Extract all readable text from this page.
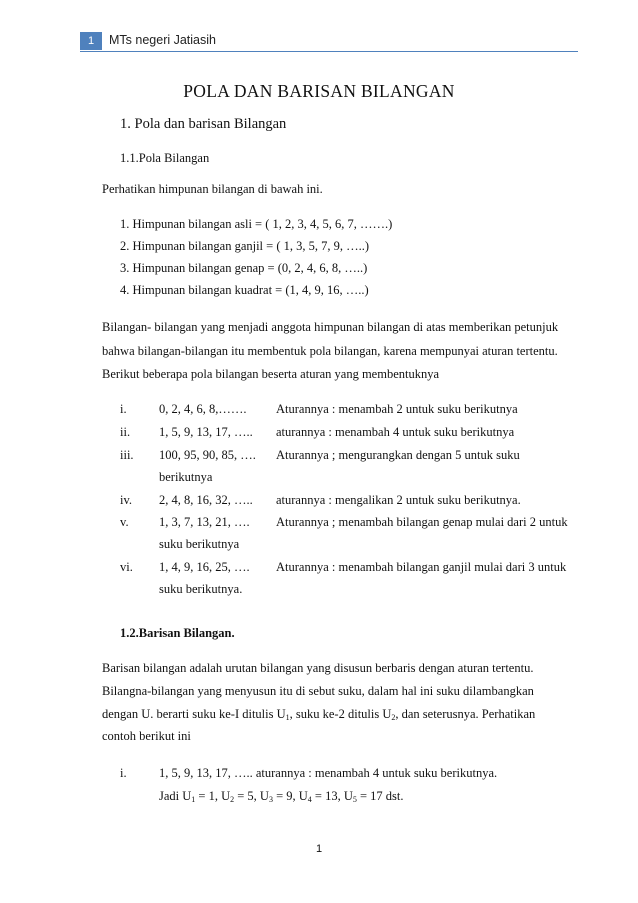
1	MTs negeri Jatiasih
POLA DAN BARISAN BILANGAN
1. Pola dan barisan Bilangan
1.1.Pola Bilangan
Perhatikan himpunan bilangan di bawah ini.
1. Himpunan bilangan asli = ( 1, 2, 3, 4, 5, 6, 7, …….)
2. Himpunan bilangan ganjil = ( 1, 3, 5, 7, 9, …..)
3. Himpunan bilangan genap = (0, 2, 4, 6, 8, …..)
4. Himpunan bilangan kuadrat = (1, 4, 9, 16, …..)
Bilangan- bilangan yang menjadi anggota himpunan bilangan di atas memberikan petunjuk
bahwa bilangan-bilangan itu membentuk pola bilangan, karena mempunyai aturan tertentu.
Berikut beberapa pola bilangan beserta aturan yang membentuknya
i.	0, 2, 4, 6, 8,……. Aturannya : menambah 2 untuk suku berikutnya
ii. 1, 5, 9, 13, 17, ….. aturannya : menambah 4 untuk suku berikutnya
iii. 100, 95, 90, 85, …. Aturannya ; mengurangkan dengan 5 untuk suku
berikutnya
iv. 2, 4, 8, 16, 32, ….. aturannya : mengalikan 2 untuk suku berikutnya.
v. 1, 3, 7, 13, 21, …. Aturannya ; menambah bilangan genap mulai dari 2 untuk
suku berikutnya
vi. 1, 4, 9, 16, 25, …. Aturannya : menambah bilangan ganjil mulai dari 3 untuk
suku berikutnya.
1.2.Barisan Bilangan.
Barisan bilangan adalah urutan bilangan yang disusun berbaris dengan aturan tertentu.
Bilangna-bilangan yang menyusun itu di sebut suku, dalam hal ini suku dilambangkan
dengan U. berarti suku ke-I ditulis $U_1$, suku ke-2 ditulis $U_2$, dan seterusnya. Perhatikan
contoh berikut ini
i.	1, 5, 9, 13, 17, ….. aturannya : menambah 4 untuk suku berikutnya.
Jadi $U_1 = 1$, $U_2 = 5$, $U_3 = 9$, $U_4 = 13$, $U_5 = 17$ dst.
1
